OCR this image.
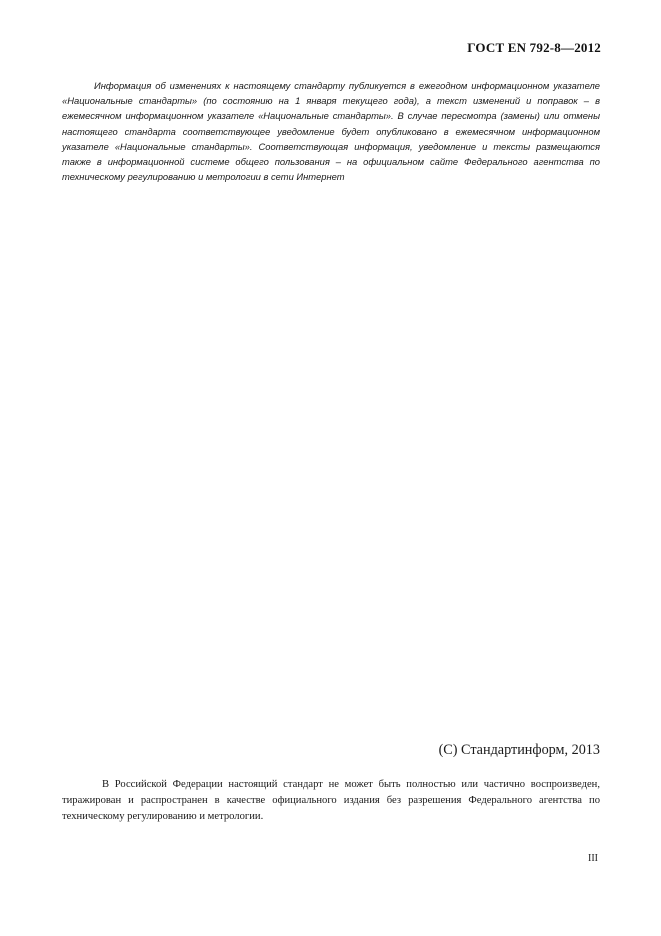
ГОСТ EN 792-8—2012

Информация об изменениях к настоящему стандарту публикуется в ежегодном информационном указателе «Национальные стандарты» (по состоянию на 1 января текущего года), а текст изменений и поправок – в ежемесячном информационном указателе «Национальные стандарты». В случае пересмотра (замены) или отмены настоящего стандарта соответствующее уведомление будет опубликовано в ежемесячном информационном указателе «Национальные стандарты». Соответствующая информация, уведомление и тексты размещаются также в информационной системе общего пользования – на официальном сайте Федерального агентства по техническому регулированию и метрологии в сети Интернет

(С) Стандартинформ, 2013

В Российской Федерации настоящий стандарт не может быть полностью или частично воспроизведен, тиражирован и распространен в качестве официального издания без разрешения Федерального агентства по техническому регулированию и метрологии.

III
